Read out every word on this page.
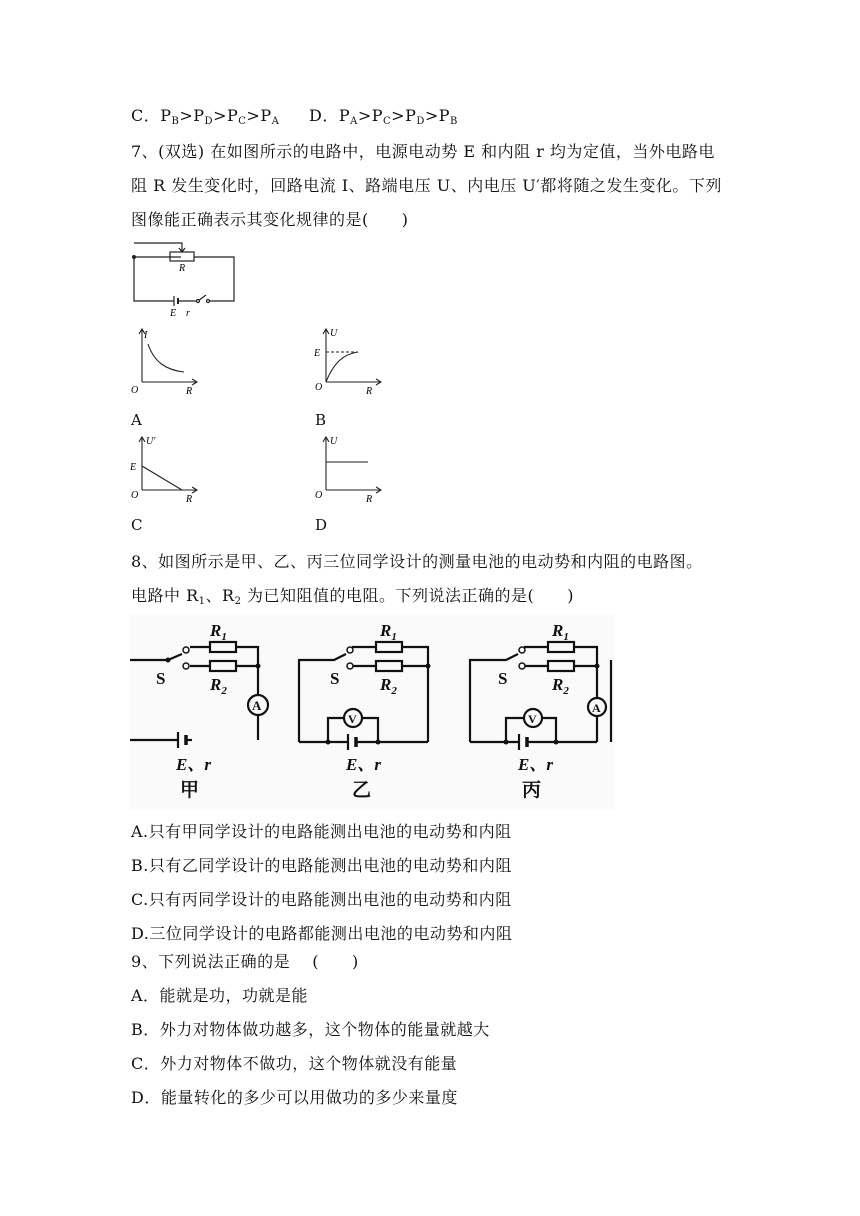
C．$P_B>P_D>P_C>P_A$ D．$P_A>P_C>P_D>P_B$
7、(双选) 在如图所示的电路中，电源电动势 E 和内阻 r 均为定值，当外电路电
阻 R 发生变化时，回路电流 I、路端电压 U、内电压 U′都将随之发生变化。下列
图像能正确表示其变化规律的是(　　)
R
E r
I
O	R
A
U
E
O	R
B
U′
E
O	R
C
U
O	R
D
8、如图所示是甲、乙、丙三位同学设计的测量电池的电动势和内阻的电路图。
电路中 $R_1$、$R_2$ 为已知阻值的电阻。下列说法正确的是(　　)
$R_1$
$R_2$
S
A
E、r
甲
$R_1$
$R_2$
S
V
E、r
乙
$R_1$
$R_2$
S
V
A
E、r
丙
A.只有甲同学设计的电路能测出电池的电动势和内阻
B.只有乙同学设计的电路能测出电池的电动势和内阻
C.只有丙同学设计的电路能测出电池的电动势和内阻
D.三位同学设计的电路都能测出电池的电动势和内阻
9、下列说法正确的是　 (　　)
A．能就是功，功就是能
B．外力对物体做功越多，这个物体的能量就越大
C．外力对物体不做功，这个物体就没有能量
D．能量转化的多少可以用做功的多少来量度
